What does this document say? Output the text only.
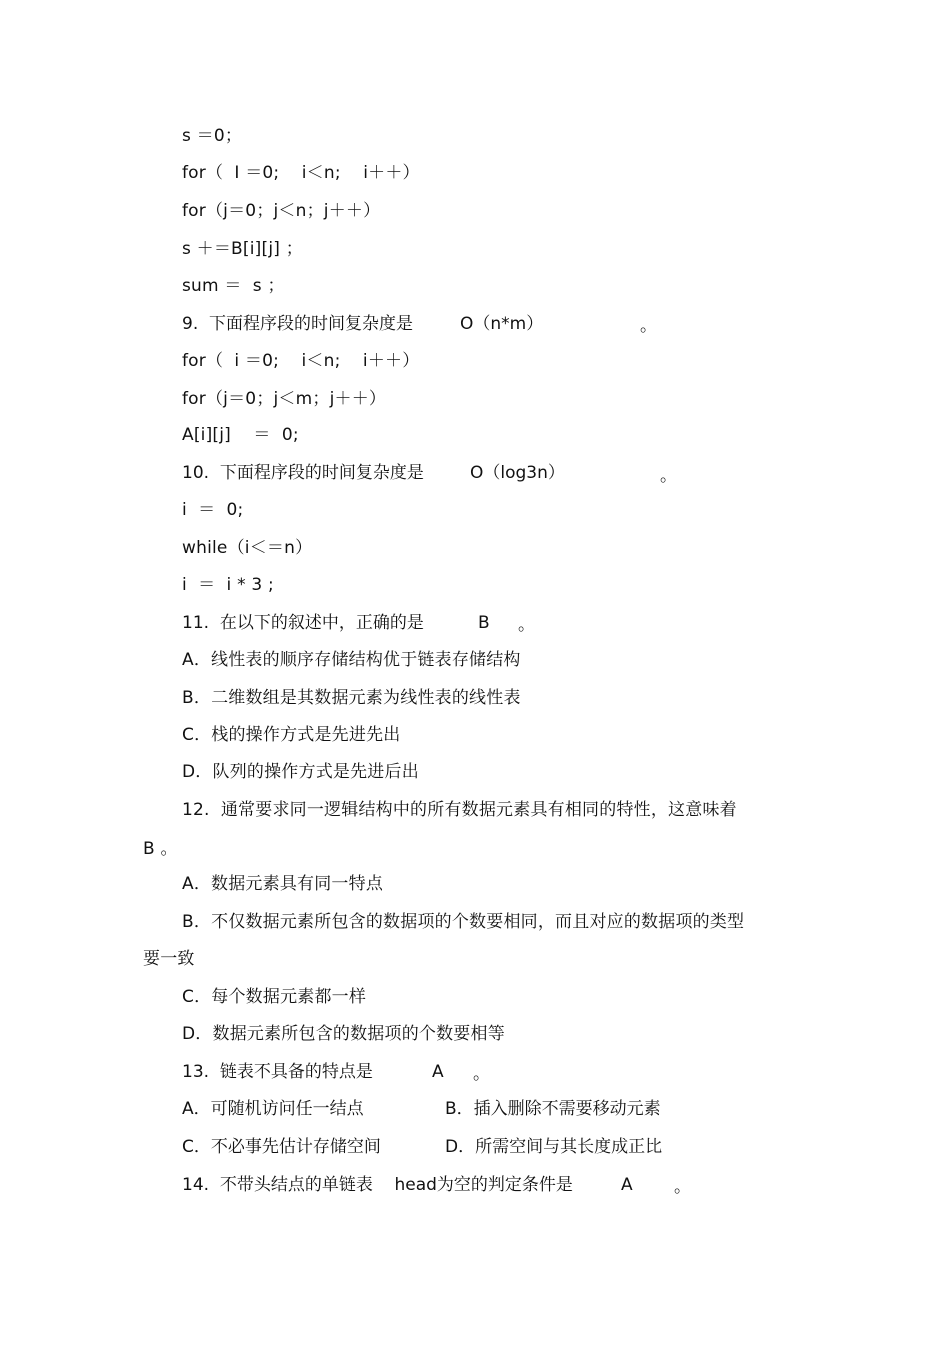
s ＝0；
for（  I ＝0;    i＜n;    i＋＋）
for（j＝0；j＜n；j＋＋）
s ＋＝B[i][j] ；
sum ＝  s ；
9.  下面程序段的时间复杂度是	O（n*m）	。
for（  i ＝0;    i＜n;    i＋＋）
for（j＝0；j＜m；j＋＋）
A[i][j]    ＝  0;
10.  下面程序段的时间复杂度是	O（log3n）	。
i  ＝  0;
while（i＜＝n）
i  ＝  i * 3 ;
11.  在以下的叙述中，正确的是	B 。
A．线性表的顺序存储结构优于链表存储结构
B．二维数组是其数据元素为线性表的线性表
C．栈的操作方式是先进先出
D．队列的操作方式是先进后出
12.  通常要求同一逻辑结构中的所有数据元素具有相同的特性，这意味着
B 。
A．数据元素具有同一特点
B．不仅数据元素所包含的数据项的个数要相同，而且对应的数据项的类型
要一致
C．每个数据元素都一样
D．数据元素所包含的数据项的个数要相等
13.  链表不具备的特点是	A 。
A．可随机访问任一结点	B．插入删除不需要移动元素
C．不必事先估计存储空间	D．所需空间与其长度成正比
14.  不带头结点的单链表    head为空的判定条件是	A 。
